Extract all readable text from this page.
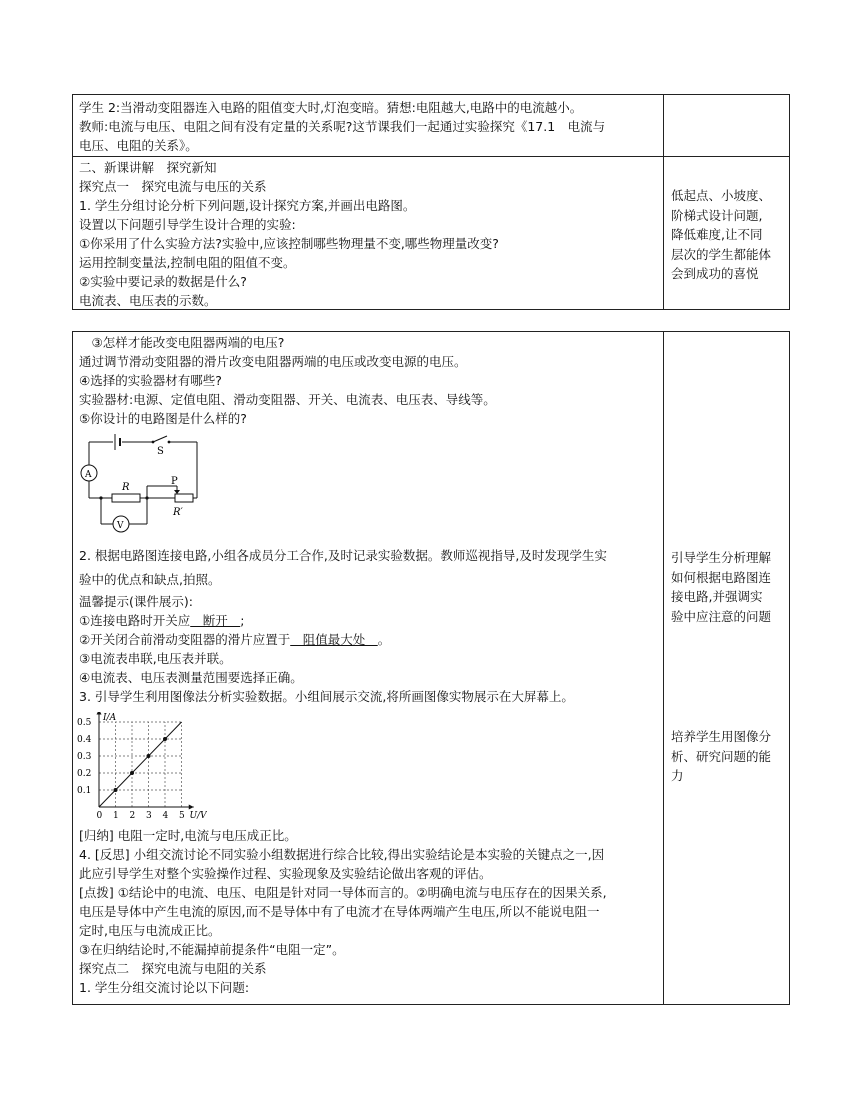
学生 2:当滑动变阻器连入电路的阻值变大时,灯泡变暗。猜想:电阻越大,电路中的电流越小。
教师:电流与电压、电阻之间有没有定量的关系呢?这节课我们一起通过实验探究《17.1　电流与
电压、电阻的关系》。
二、新课讲解　探究新知
探究点一　探究电流与电压的关系
1. 学生分组讨论分析下列问题,设计探究方案,并画出电路图。
设置以下问题引导学生设计合理的实验:
①你采用了什么实验方法?实验中,应该控制哪些物理量不变,哪些物理量改变?
运用控制变量法,控制电阻的阻值不变。
②实验中要记录的数据是什么?
电流表、电压表的示数。
低起点、小坡度、
阶梯式设计问题,
降低难度,让不同
层次的学生都能体
会到成功的喜悦
　③怎样才能改变电阻器两端的电压?
通过调节滑动变阻器的滑片改变电阻器两端的电压或改变电源的电压。
④选择的实验器材有哪些?
实验器材:电源、定值电阻、滑动变阻器、开关、电流表、电压表、导线等。
⑤你设计的电路图是什么样的?
S
A
R
P
R′
V
2. 根据电路图连接电路,小组各成员分工合作,及时记录实验数据。教师巡视指导,及时发现学生实
验中的优点和缺点,拍照。
温馨提示(课件展示):
①连接电路时开关应　断开　;
②开关闭合前滑动变阻器的滑片应置于　阻值最大处　。
③电流表串联,电压表并联。
④电流表、电压表测量范围要选择正确。
3. 引导学生利用图像法分析实验数据。小组间展示交流,将所画图像实物展示在大屏幕上。
0 1 2 3 4 5
0.1
0.2
0.3
0.4
0.5
U/V
I/A
[归纳] 电阻一定时,电流与电压成正比。
4. [反思] 小组交流讨论不同实验小组数据进行综合比较,得出实验结论是本实验的关键点之一,因
此应引导学生对整个实验操作过程、实验现象及实验结论做出客观的评估。
[点拨] ①结论中的电流、电压、电阻是针对同一导体而言的。②明确电流与电压存在的因果关系,
电压是导体中产生电流的原因,而不是导体中有了电流才在导体两端产生电压,所以不能说电阻一
定时,电压与电流成正比。
③在归纳结论时,不能漏掉前提条件“电阻一定”。
探究点二　探究电流与电阻的关系
1. 学生分组交流讨论以下问题:
引导学生分析理解
如何根据电路图连
接电路,并强调实
验中应注意的问题
培养学生用图像分
析、研究问题的能
力
